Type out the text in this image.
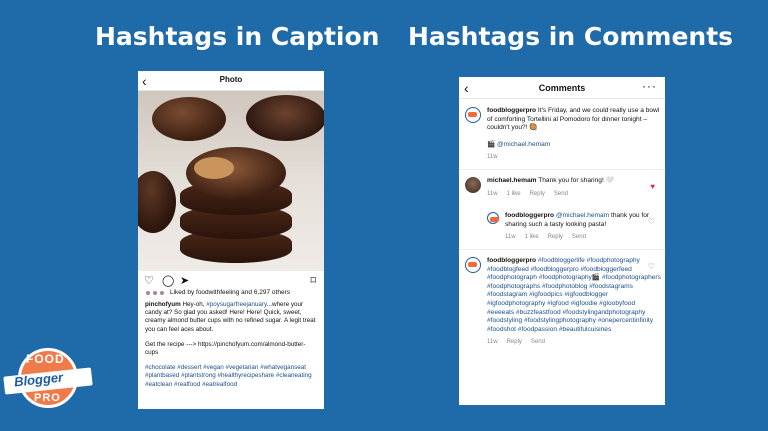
Hashtags in Caption Hashtags in Comments
‹	Photo
♡ ◯ ➤	⌑
Liked by foodwithfeeling and 6,297 others

pinchofyum Hey-oh, #poysugarfreejanuary...where your candy at? So glad you asked! Here! Here! Quick, sweet, creamy almond butter cups with no refined sugar. A legit treat you can feel aces about.

Get the recipe ---> https://pinchofyum.com/almond-butter-cups

#chocolate #dessert #vegan #vegetarian #whatveganseat #plantbased #plantstrong #healthyrecipeshare #cleaneating #eatclean #realfood #eatrealfood

‹	Comments	···
foodbloggerpro It's Friday, and we could really use a bowl of comforting Tortellini al Pomodoro for dinner tonight – couldn't you?! 🥘
🎬 @michael.hemam
11w
michael.hemam Thank you for sharing! 🤍
11w 1 like Reply Send
♥
foodbloggerpro @michael.hemam thank you for sharing such a tasty looking pasta!
11w 1 like Reply Send
♡
foodbloggerpro #foodbloggerlife #foodphotography #foodblogfeed #foodbloggerpro #foodbloggerfeed #foodphotograph #foodphotography🎬 #foodphotographers #foodphotographs #foodphotoblog #foodstagrams #foodstagram #igfoodpics #igfoodblogger #igfoodphotography #igfood #igfoodie #gloobyfood #eeeeats #buzzfeastfood #foodstylingandphotography #foodstyling #foodstylingphotography #onepercentinfinity #foodshot #foodpassion #beautifulcuisines
11w Reply Send
♡
FOOD
Blogger
PRO
